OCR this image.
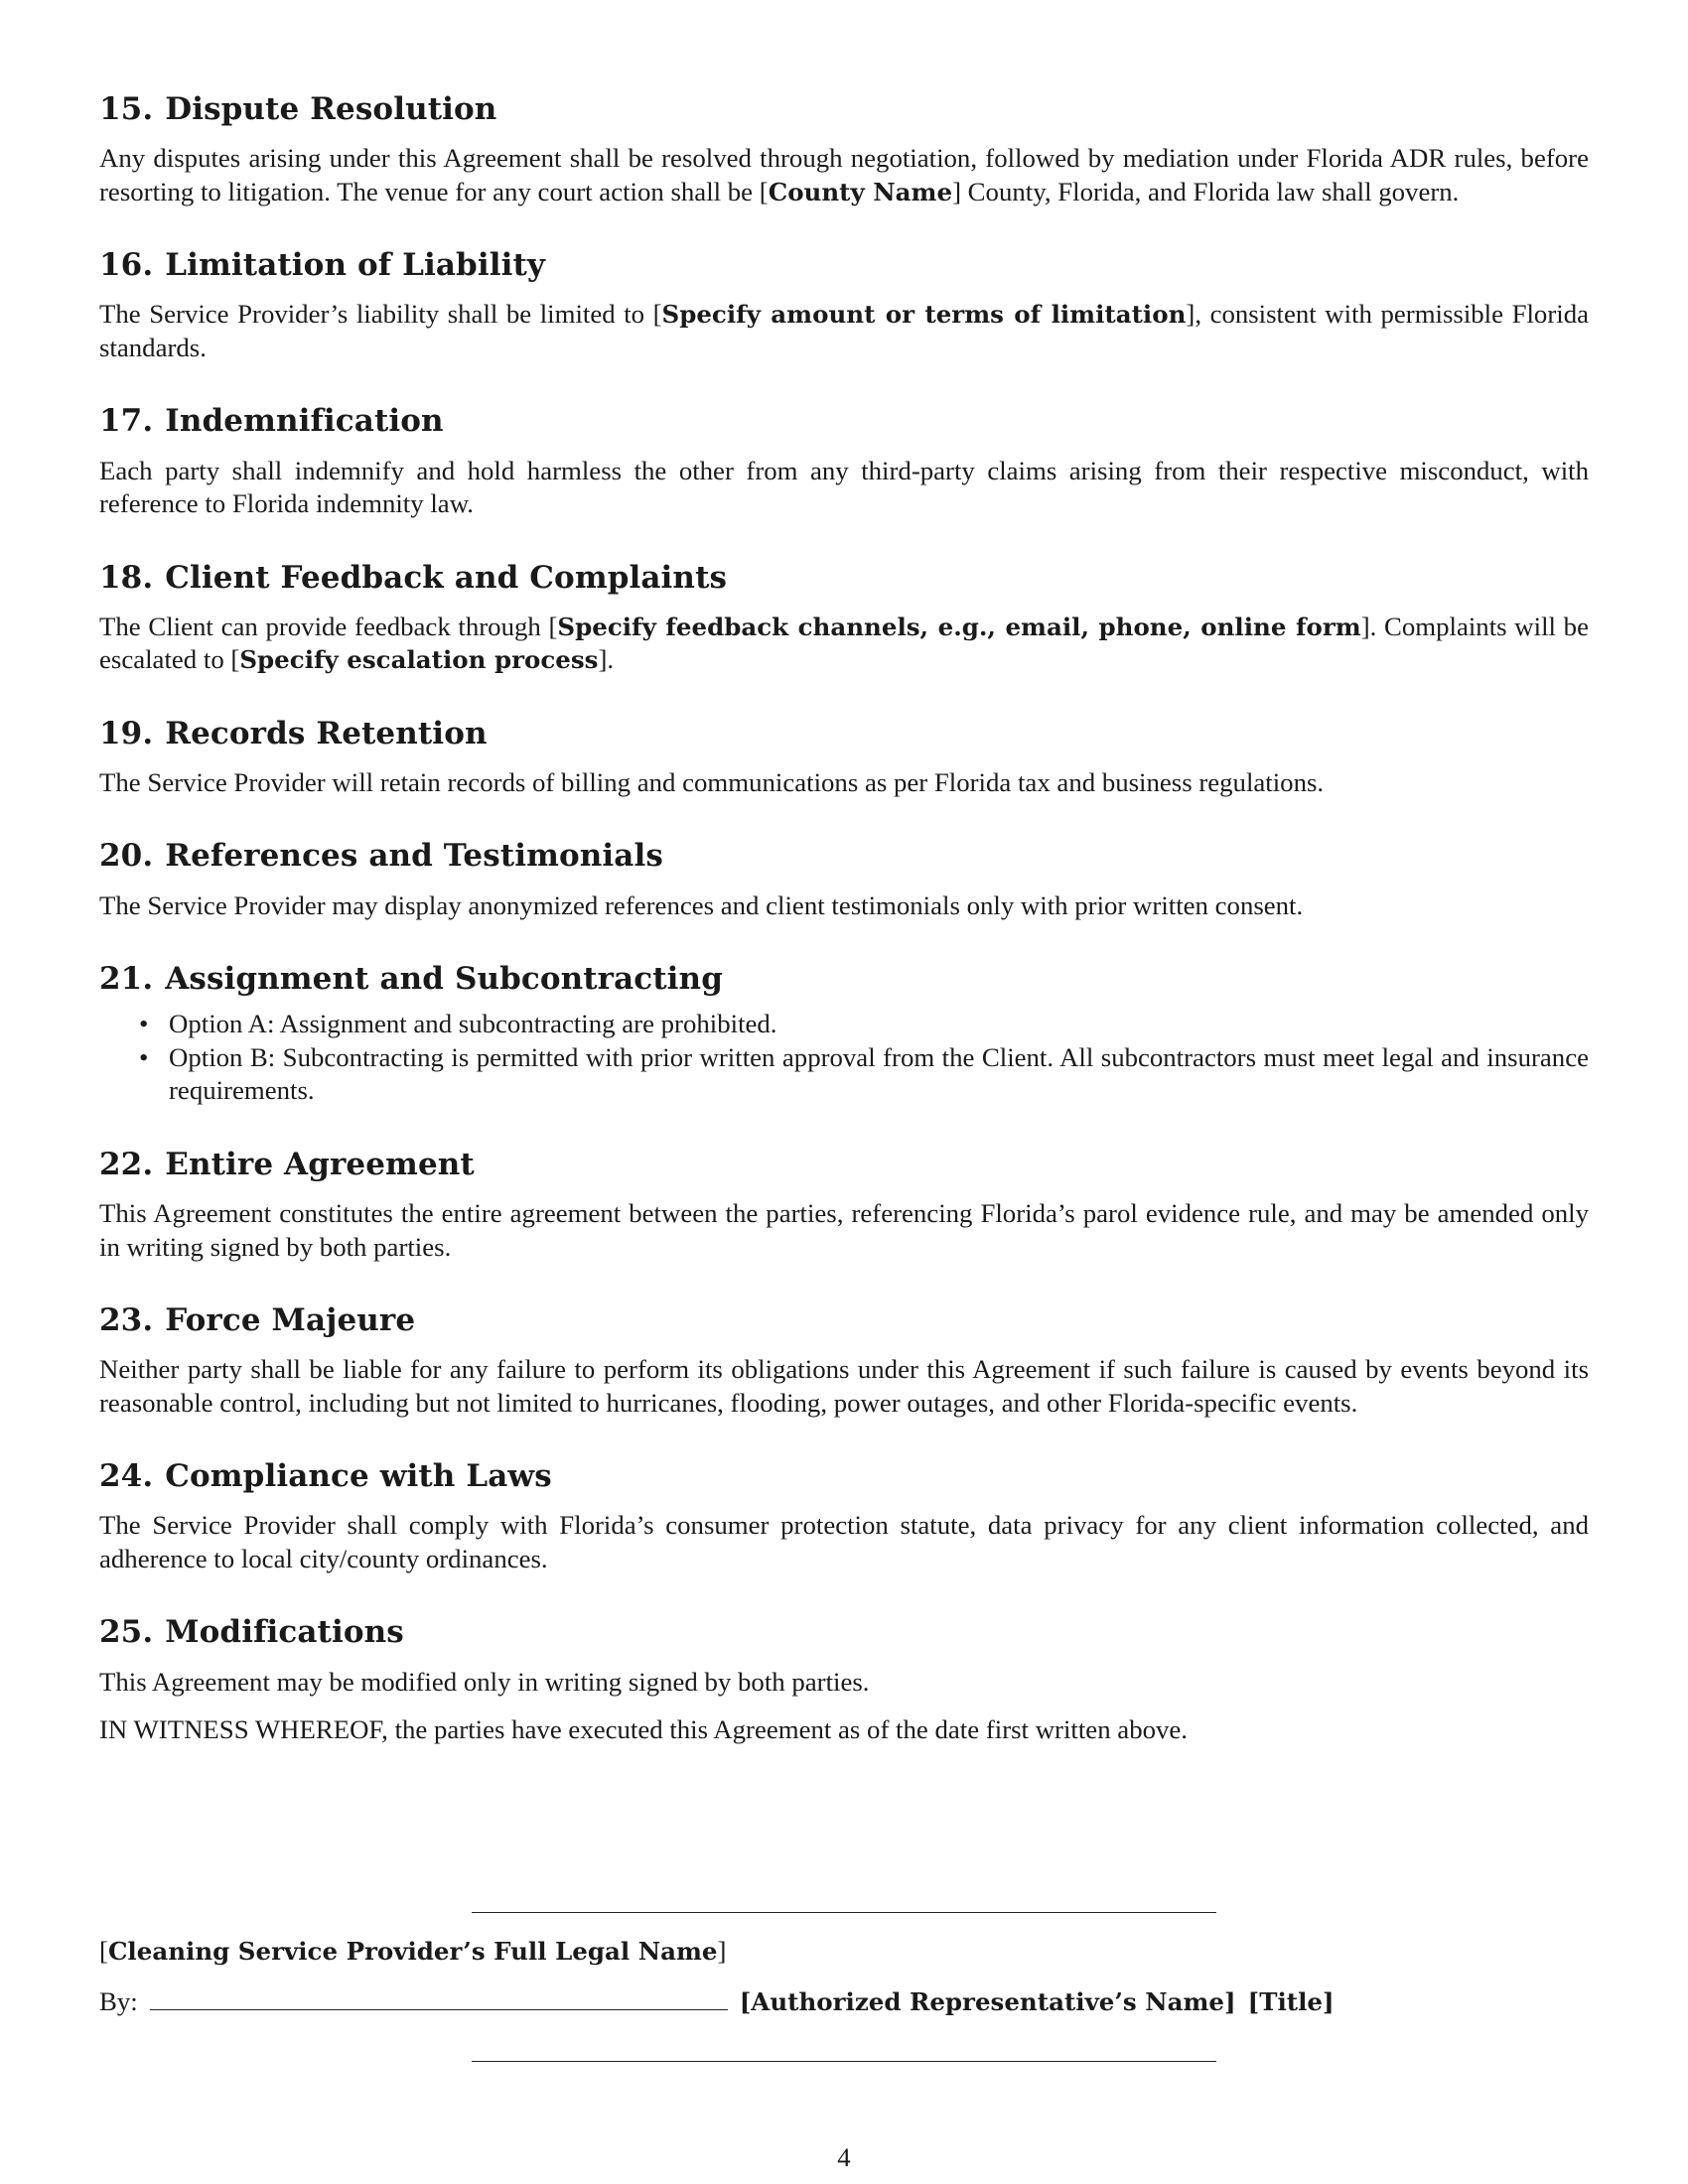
15. Dispute Resolution

Any disputes arising under this Agreement shall be resolved through negotiation, followed by mediation under Florida ADR rules, before resorting to litigation. The venue for any court action shall be [County Name] County, Florida, and Florida law shall govern.

16. Limitation of Liability

The Service Provider’s liability shall be limited to [Specify amount or terms of limitation], consistent with permissible Florida standards.

17. Indemnification

Each party shall indemnify and hold harmless the other from any third-party claims arising from their respective misconduct, with reference to Florida indemnity law.

18. Client Feedback and Complaints

The Client can provide feedback through [Specify feedback channels, e.g., email, phone, online form]. Complaints will be escalated to [Specify escalation process].

19. Records Retention

The Service Provider will retain records of billing and communications as per Florida tax and business regulations.

20. References and Testimonials

The Service Provider may display anonymized references and client testimonials only with prior written consent.

21. Assignment and Subcontracting
• Option A: Assignment and subcontracting are prohibited.
• Option B: Subcontracting is permitted with prior written approval from the Client. All subcontractors must meet legal and insurance requirements.
22. Entire Agreement

This Agreement constitutes the entire agreement between the parties, referencing Florida’s parol evidence rule, and may be amended only in writing signed by both parties.

23. Force Majeure

Neither party shall be liable for any failure to perform its obligations under this Agreement if such failure is caused by events beyond its reasonable control, including but not limited to hurricanes, flooding, power outages, and other Florida-specific events.

24. Compliance with Laws

The Service Provider shall comply with Florida’s consumer protection statute, data privacy for any client information collected, and adherence to local city/county ordinances.

25. Modifications

This Agreement may be modified only in writing signed by both parties.

IN WITNESS WHEREOF, the parties have executed this Agreement as of the date first written above.

[Cleaning Service Provider’s Full Legal Name]
By:	[Authorized Representative’s Name] [Title]
4
